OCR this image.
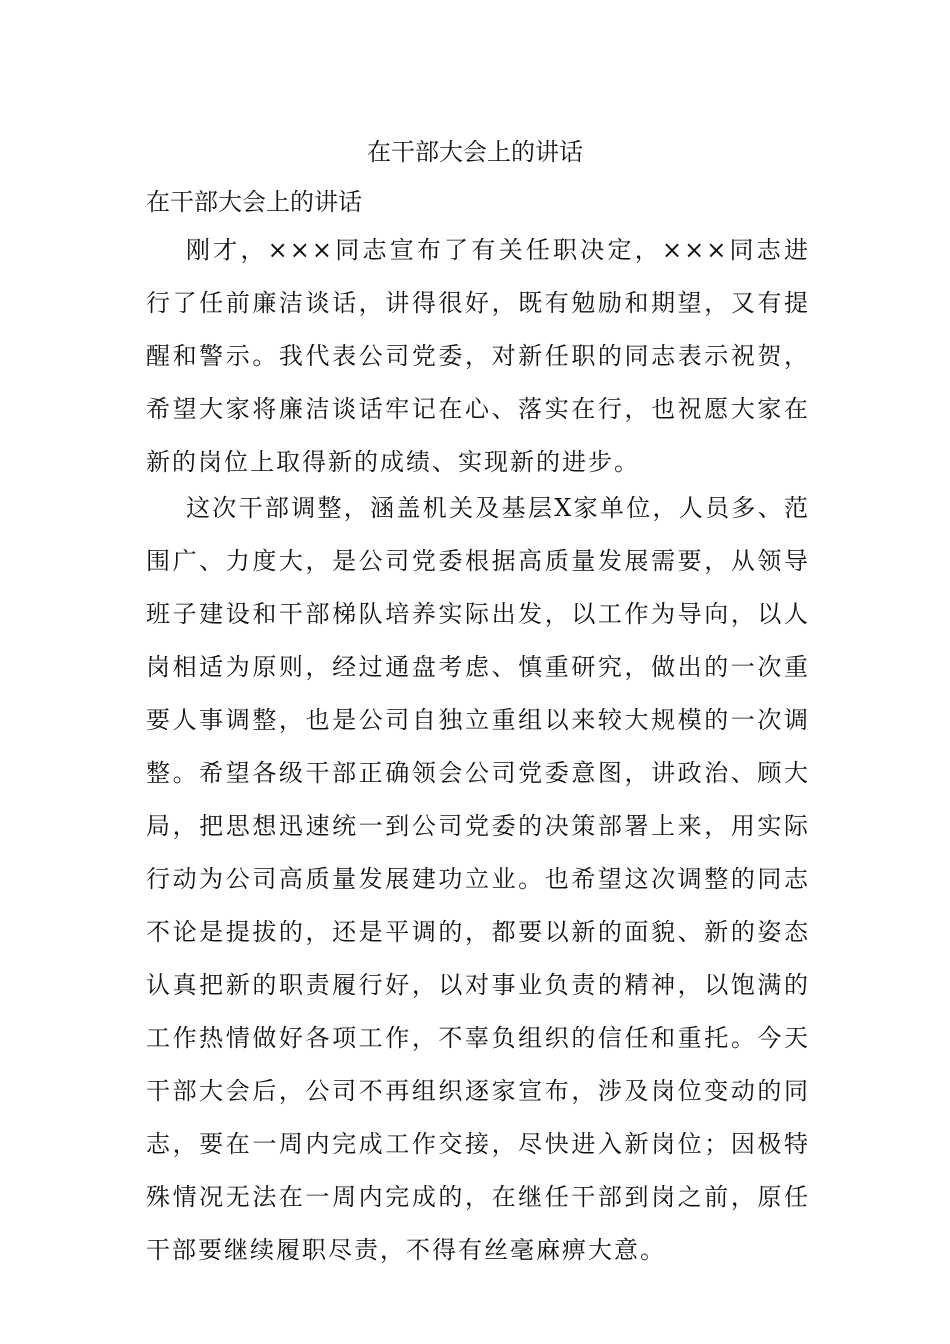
在干部大会上的讲话

在干部大会上的讲话

刚才，×××同志宣布了有关任职决定，×××同志进行了任前廉洁谈话，讲得很好，既有勉励和期望，又有提醒和警示。我代表公司党委，对新任职的同志表示祝贺，希望大家将廉洁谈话牢记在心、落实在行，也祝愿大家在新的岗位上取得新的成绩、实现新的进步。

这次干部调整，涵盖机关及基层X家单位，人员多、范围广、力度大，是公司党委根据高质量发展需要，从领导班子建设和干部梯队培养实际出发，以工作为导向，以人岗相适为原则，经过通盘考虑、慎重研究，做出的一次重要人事调整，也是公司自独立重组以来较大规模的一次调整。希望各级干部正确领会公司党委意图，讲政治、顾大局，把思想迅速统一到公司党委的决策部署上来，用实际行动为公司高质量发展建功立业。也希望这次调整的同志不论是提拔的，还是平调的，都要以新的面貌、新的姿态认真把新的职责履行好，以对事业负责的精神，以饱满的工作热情做好各项工作，不辜负组织的信任和重托。今天干部大会后，公司不再组织逐家宣布，涉及岗位变动的同志，要在一周内完成工作交接，尽快进入新岗位；因极特殊情况无法在一周内完成的，在继任干部到岗之前，原任干部要继续履职尽责，不得有丝毫麻痹大意。
